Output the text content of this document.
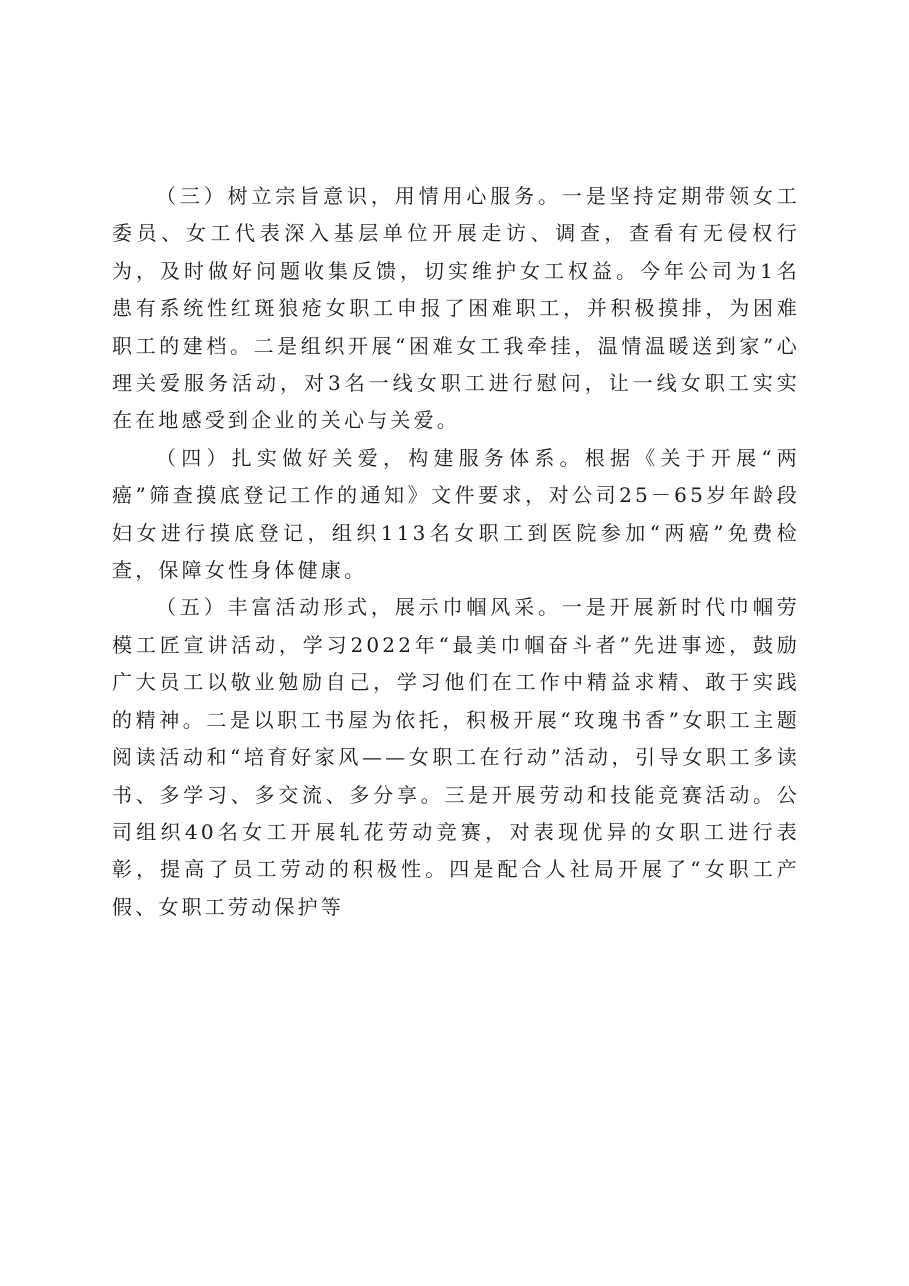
（三）树立宗旨意识，用情用心服务。一是坚持定期带领女工委员、女工代表深入基层单位开展走访、调查，查看有无侵权行为，及时做好问题收集反馈，切实维护女工权益。今年公司为1名患有系统性红斑狼疮女职工申报了困难职工，并积极摸排，为困难职工的建档。二是组织开展“困难女工我牵挂，温情温暖送到家”心理关爱服务活动，对3名一线女职工进行慰问，让一线女职工实实在在地感受到企业的关心与关爱。

（四）扎实做好关爱，构建服务体系。根据《关于开展“两癌”筛查摸底登记工作的通知》文件要求，对公司25－65岁年龄段妇女进行摸底登记，组织113名女职工到医院参加“两癌”免费检查，保障女性身体健康。

（五）丰富活动形式，展示巾帼风采。一是开展新时代巾帼劳模工匠宣讲活动，学习2022年“最美巾帼奋斗者”先进事迹，鼓励广大员工以敬业勉励自己，学习他们在工作中精益求精、敢于实践的精神。二是以职工书屋为依托，积极开展“玫瑰书香”女职工主题阅读活动和“培育好家风——女职工在行动”活动，引导女职工多读书、多学习、多交流、多分享。三是开展劳动和技能竞赛活动。公司组织40名女工开展轧花劳动竞赛，对表现优异的女职工进行表彰，提高了员工劳动的积极性。四是配合人社局开展了“女职工产假、女职工劳动保护等
